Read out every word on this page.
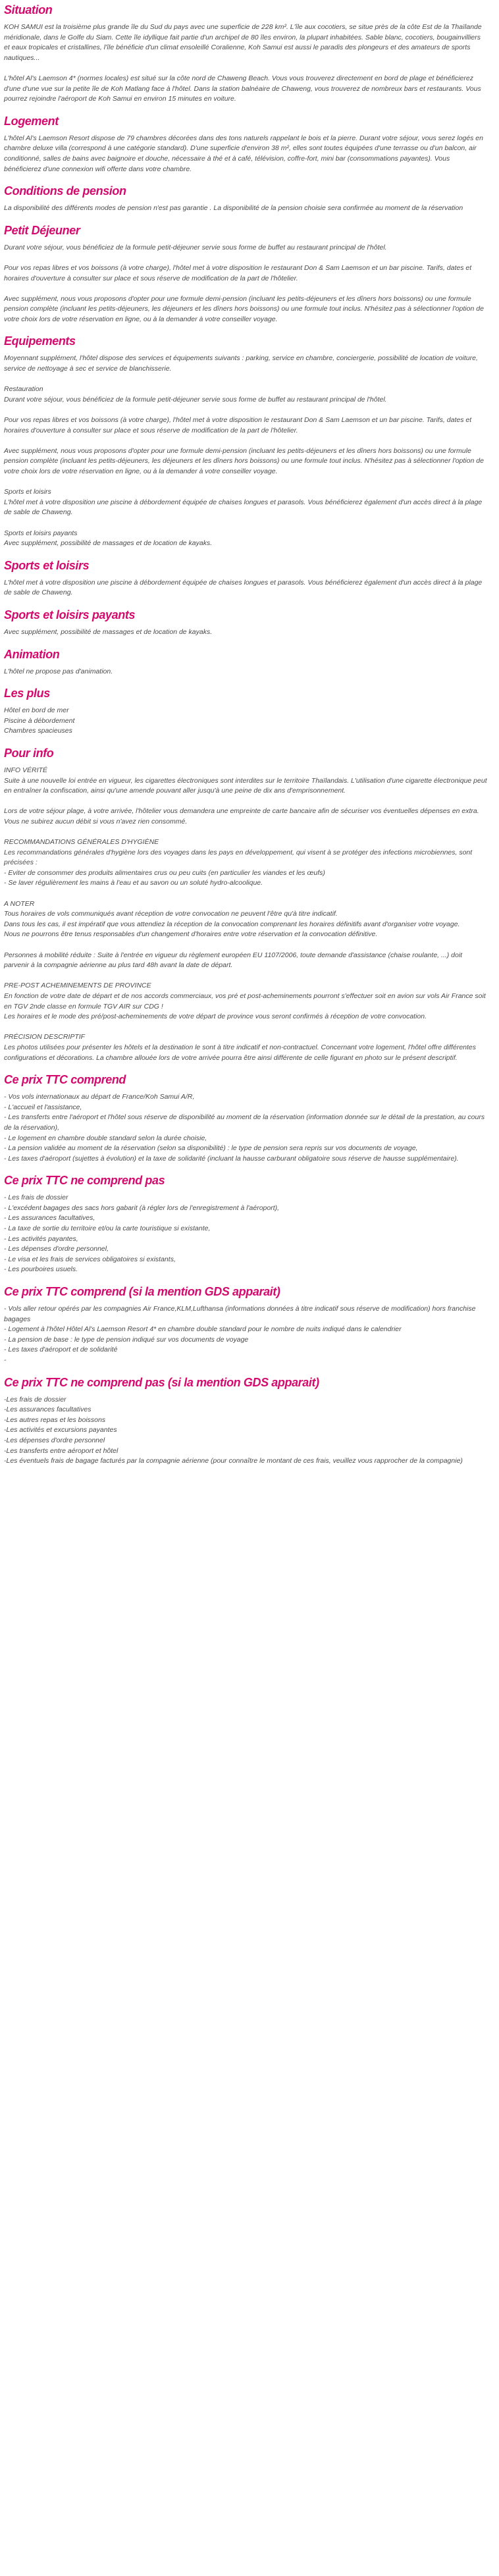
Situation
KOH SAMUI est la troisième plus grande île du Sud du pays avec une superficie de 228 km². L'île aux cocotiers, se situe près de la côte Est de la Thaïlande méridionale, dans le Golfe du Siam. Cette île idyllique fait partie d'un archipel de 80 îles environ, la plupart inhabitées. Sable blanc, cocotiers, bougainvilliers et eaux tropicales et cristallines, l'île bénéficie d'un climat ensoleillé Coralienne, Koh Samui est aussi le paradis des plongeurs et des amateurs de sports nautiques...
L'hôtel Al's Laemson 4* (normes locales) est situé sur la côte nord de Chaweng Beach. Vous vous trouverez directement en bord de plage et bénéficierez d'une d'une vue sur la petite île de Koh Matlang face à l'hôtel. Dans la station balnéaire de Chaweng, vous trouverez de nombreux bars et restaurants. Vous pourrez rejoindre l'aéroport de Koh Samui en environ 15 minutes en voiture.
Logement
L'hôtel Al's Laemson Resort dispose de 79 chambres décorées dans des tons naturels rappelant le bois et la pierre. Durant votre séjour, vous serez logés en chambre deluxe villa (correspond à une catégorie standard). D'une superficie d'environ 38 m², elles sont toutes équipées d'une terrasse ou d'un balcon, air conditionné, salles de bains avec baignoire et douche, nécessaire à thé et à café, télévision, coffre-fort, mini bar (consommations payantes). Vous bénéficierez d'une connexion wifi offerte dans votre chambre.
Conditions de pension
La disponibilité des différents modes de pension n'est pas garantie . La disponibilité de la pension choisie sera confirmée au moment de la réservation
Petit Déjeuner
Durant votre séjour, vous bénéficiez de la formule petit-déjeuner servie sous forme de buffet au restaurant principal de l'hôtel.
Pour vos repas libres et vos boissons (à votre charge), l'hôtel met à votre disposition le restaurant Don & Sam Laemson et un bar piscine. Tarifs, dates et horaires d'ouverture à consulter sur place et sous réserve de modification de la part de l'hôtelier.
Avec supplément, nous vous proposons d'opter pour une formule demi-pension (incluant les petits-déjeuners et les dîners hors boissons) ou une formule pension complète (incluant les petits-déjeuners, les déjeuners et les dîners hors boissons) ou une formule tout inclus. N'hésitez pas à sélectionner l'option de votre choix lors de votre réservation en ligne, ou à la demander à votre conseiller voyage.
Equipements
Moyennant supplément, l'hôtel dispose des services et équipements suivants : parking, service en chambre, conciergerie, possibilité de location de voiture, service de nettoyage à sec et service de blanchisserie.
Restauration
Durant votre séjour, vous bénéficiez de la formule petit-déjeuner servie sous forme de buffet au restaurant principal de l'hôtel.
Pour vos repas libres et vos boissons (à votre charge), l'hôtel met à votre disposition le restaurant Don & Sam Laemson et un bar piscine. Tarifs, dates et horaires d'ouverture à consulter sur place et sous réserve de modification de la part de l'hôtelier.
Avec supplément, nous vous proposons d'opter pour une formule demi-pension (incluant les petits-déjeuners et les dîners hors boissons) ou une formule pension complète (incluant les petits-déjeuners, les déjeuners et les dîners hors boissons) ou une formule tout inclus. N'hésitez pas à sélectionner l'option de votre choix lors de votre réservation en ligne, ou à la demander à votre conseiller voyage.
Sports et loisirs
L'hôtel met à votre disposition une piscine à débordement équipée de chaises longues et parasols. Vous bénéficierez également d'un accès direct à la plage de sable de Chaweng.
Sports et loisirs payants
Avec supplément, possibilité de massages et de location de kayaks.
Sports et loisirs
L'hôtel met à votre disposition une piscine à débordement équipée de chaises longues et parasols. Vous bénéficierez également d'un accès direct à la plage de sable de Chaweng.
Sports et loisirs payants
Avec supplément, possibilité de massages et de location de kayaks.
Animation
L'hôtel ne propose pas d'animation.
Les plus
Hôtel en bord de mer
Piscine à débordement
Chambres spacieuses
Pour info
INFO VÉRITÉ
Suite à une nouvelle loi entrée en vigueur, les cigarettes électroniques sont interdites sur le territoire Thaïlandais. L'utilisation d'une cigarette électronique peut en entraîner la confiscation, ainsi qu'une amende pouvant aller jusqu'à une peine de dix ans d'emprisonnement.
Lors de votre séjour plage, à votre arrivée, l'hôtelier vous demandera une empreinte de carte bancaire afin de sécuriser vos éventuelles dépenses en extra.
Vous ne subirez aucun débit si vous n'avez rien consommé.
RECOMMANDATIONS GÉNÉRALES D'HYGIÈNE
Les recommandations générales d'hygiène lors des voyages dans les pays en développement, qui visent à se protéger des infections microbiennes, sont précisées :
- Eviter de consommer des produits alimentaires crus ou peu cuits (en particulier les viandes et les œufs)
- Se laver régulièrement les mains à l'eau et au savon ou un soluté hydro-alcoolique.
A NOTER
Tous horaires de vols communiqués avant réception de votre convocation ne peuvent l'être qu'à titre indicatif.
Dans tous les cas, il est impératif que vous attendiez la réception de la convocation comprenant les horaires définitifs avant d'organiser votre voyage.
Nous ne pourrons être tenus responsables d'un changement d'horaires entre votre réservation et la convocation définitive.
Personnes à mobilité réduite : Suite à l'entrée en vigueur du règlement européen EU 1107/2006, toute demande d'assistance (chaise roulante, ...) doit parvenir à la compagnie aérienne au plus tard 48h avant la date de départ.
PRE-POST ACHEMINEMENTS DE PROVINCE
En fonction de votre date de départ et de nos accords commerciaux, vos pré et post-acheminements pourront s'effectuer soit en avion sur vols Air France soit en TGV 2nde classe en formule TGV AIR sur CDG !
Les horaires et le mode des pré/post-acheminements de votre départ de province vous seront confirmés à réception de votre convocation.
PRÉCISION DESCRIPTIF
Les photos utilisées pour présenter les hôtels et la destination le sont à titre indicatif et non-contractuel. Concernant votre logement, l'hôtel offre différentes configurations et décorations. La chambre allouée lors de votre arrivée pourra être ainsi différente de celle figurant en photo sur le présent descriptif.
Ce prix TTC comprend
- Vos vols internationaux au départ de France/Koh Samui A/R,
- L'accueil et l'assistance,
- Les transferts entre l'aéroport et l'hôtel sous réserve de disponibilité au moment de la réservation (information donnée sur le détail de la prestation, au cours de la réservation),
- Le logement en chambre double standard selon la durée choisie,
- La pension validée au moment de la réservation (selon sa disponibilité) : le type de pension sera repris sur vos documents de voyage,
- Les taxes d'aéroport (sujettes à évolution) et la taxe de solidarité (incluant la hausse carburant obligatoire sous réserve de hausse supplémentaire).
Ce prix TTC ne comprend pas
- Les frais de dossier
- L'excédent bagages des sacs hors gabarit (à régler lors de l'enregistrement à l'aéroport),
- Les assurances facultatives,
- La taxe de sortie du territoire et/ou la carte touristique si existante,
- Les activités payantes,
- Les dépenses d'ordre personnel,
- Le visa et les frais de services obligatoires si existants,
- Les pourboires usuels.
Ce prix TTC comprend (si la mention GDS apparait)
- Vols aller retour opérés par les compagnies Air France,KLM,Lufthansa (informations données à titre indicatif sous réserve de modification) hors franchise bagages
- Logement à l'hôtel Hôtel Al's Laemson Resort 4* en chambre double standard pour le nombre de nuits indiqué dans le calendrier
- La pension de base : le type de pension indiqué sur vos documents de voyage
- Les taxes d'aéroport et de solidarité
-
Ce prix TTC ne comprend pas (si la mention GDS apparait)
-Les frais de dossier
-Les assurances facultatives
-Les autres repas et les boissons
-Les activités et excursions payantes
-Les dépenses d'ordre personnel
-Les transferts entre aéroport et hôtel
-Les éventuels frais de bagage facturés par la compagnie aérienne (pour connaître le montant de ces frais, veuillez vous rapprocher de la compagnie)
